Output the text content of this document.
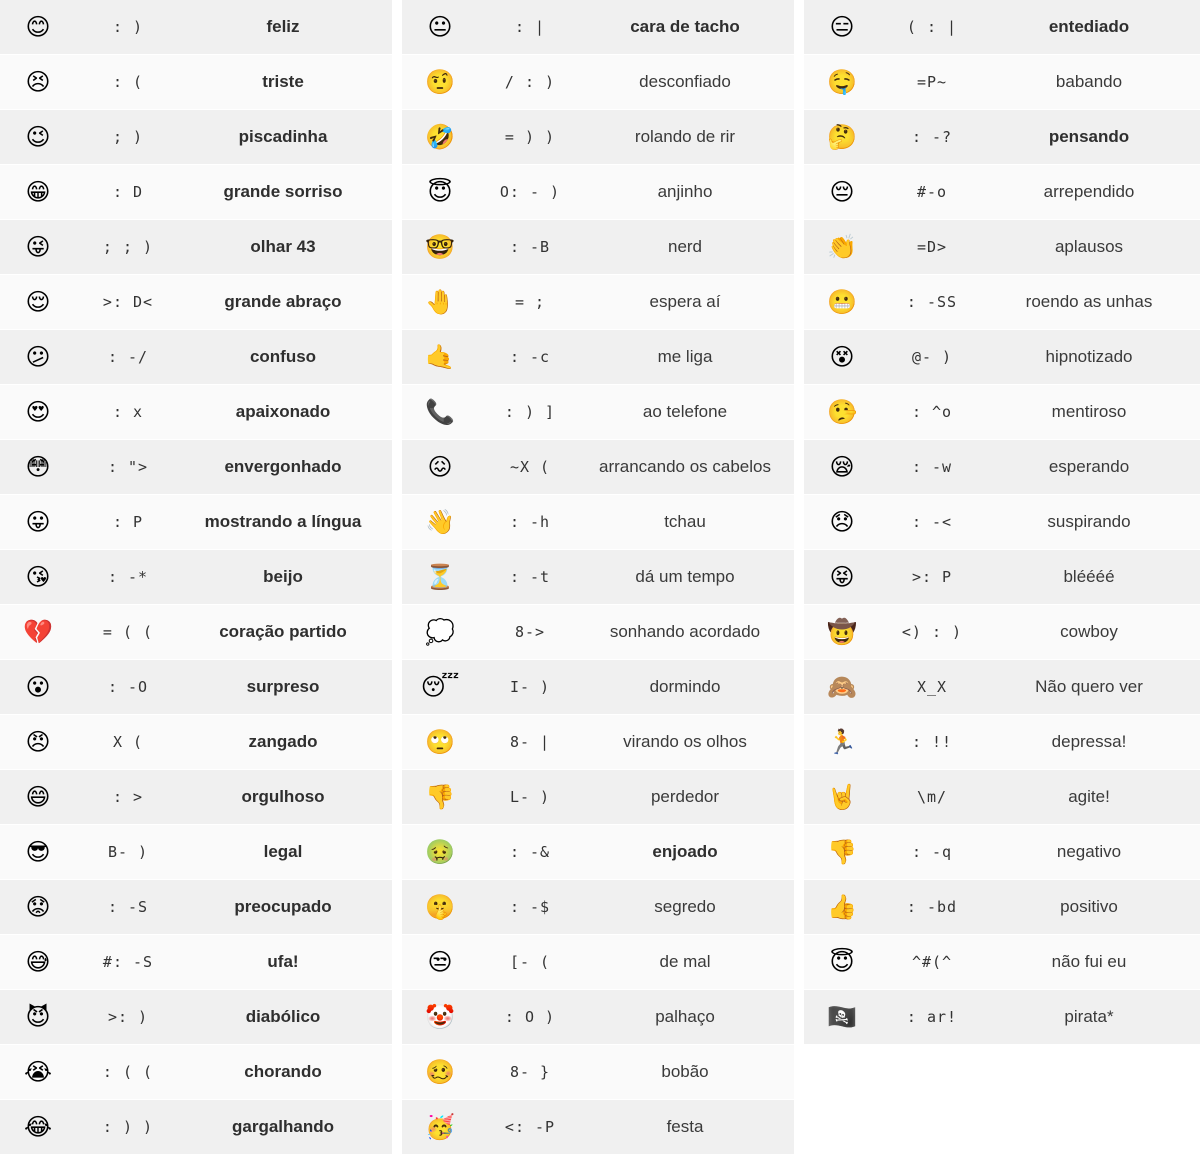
😊	: )	feliz
😣	: (	triste
😉	; )	piscadinha
😁	: D	grande sorriso
😜	; ; )	olhar 43
😌	>: D<	grande abraço
😕	: -/	confuso
😍	: x	apaixonado
😳	: ">	envergonhado
😛	: P	mostrando a língua
😘	: -*	beijo
💔	= ( (	coração partido
😮	: -O	surpreso
😠	X (	zangado
😄	: >	orgulhoso
😎	B- )	legal
😟	: -S	preocupado
😅	#: -S	ufa!
😈	>: )	diabólico
😭	: ( (	chorando
😂	: ) )	gargalhando
😐	: |	cara de tacho
🤨	/ : )	desconfiado
🤣	= ) )	rolando de rir
😇	O: - )	anjinho
🤓	: -B	nerd
🤚	= ;	espera aí
🤙	: -c	me liga
📞	: ) ]	ao telefone
😖	~X (	arrancando os cabelos
👋	: -h	tchau
⏳	: -t	dá um tempo
💭	8->	sonhando acordado
😴	I- )	dormindo
🙄	8- |	virando os olhos
👎	L- )	perdedor
🤢	: -&	enjoado
🤫	: -$	segredo
😒	[- (	de mal
🤡	: O )	palhaço
🥴	8- }	bobão
🥳	<: -P	festa
😑	( : |	entediado
🤤	=P~	babando
🤔	: -?	pensando
😔	#-o	arrependido
👏	=D>	aplausos
😬	: -SS	roendo as unhas
😵	@- )	hipnotizado
🤥	: ^o	mentiroso
😪	: -w	esperando
😞	: -<	suspirando
😝	>: P	bléééé
🤠	<) : )	cowboy
🙈	X_X	Não quero ver
🏃	: !!	depressa!
🤘	\m/	agite!
👎	: -q	negativo
👍	: -bd	positivo
😇	^#(^	não fui eu
🏴‍☠️	: ar!	pirata*
